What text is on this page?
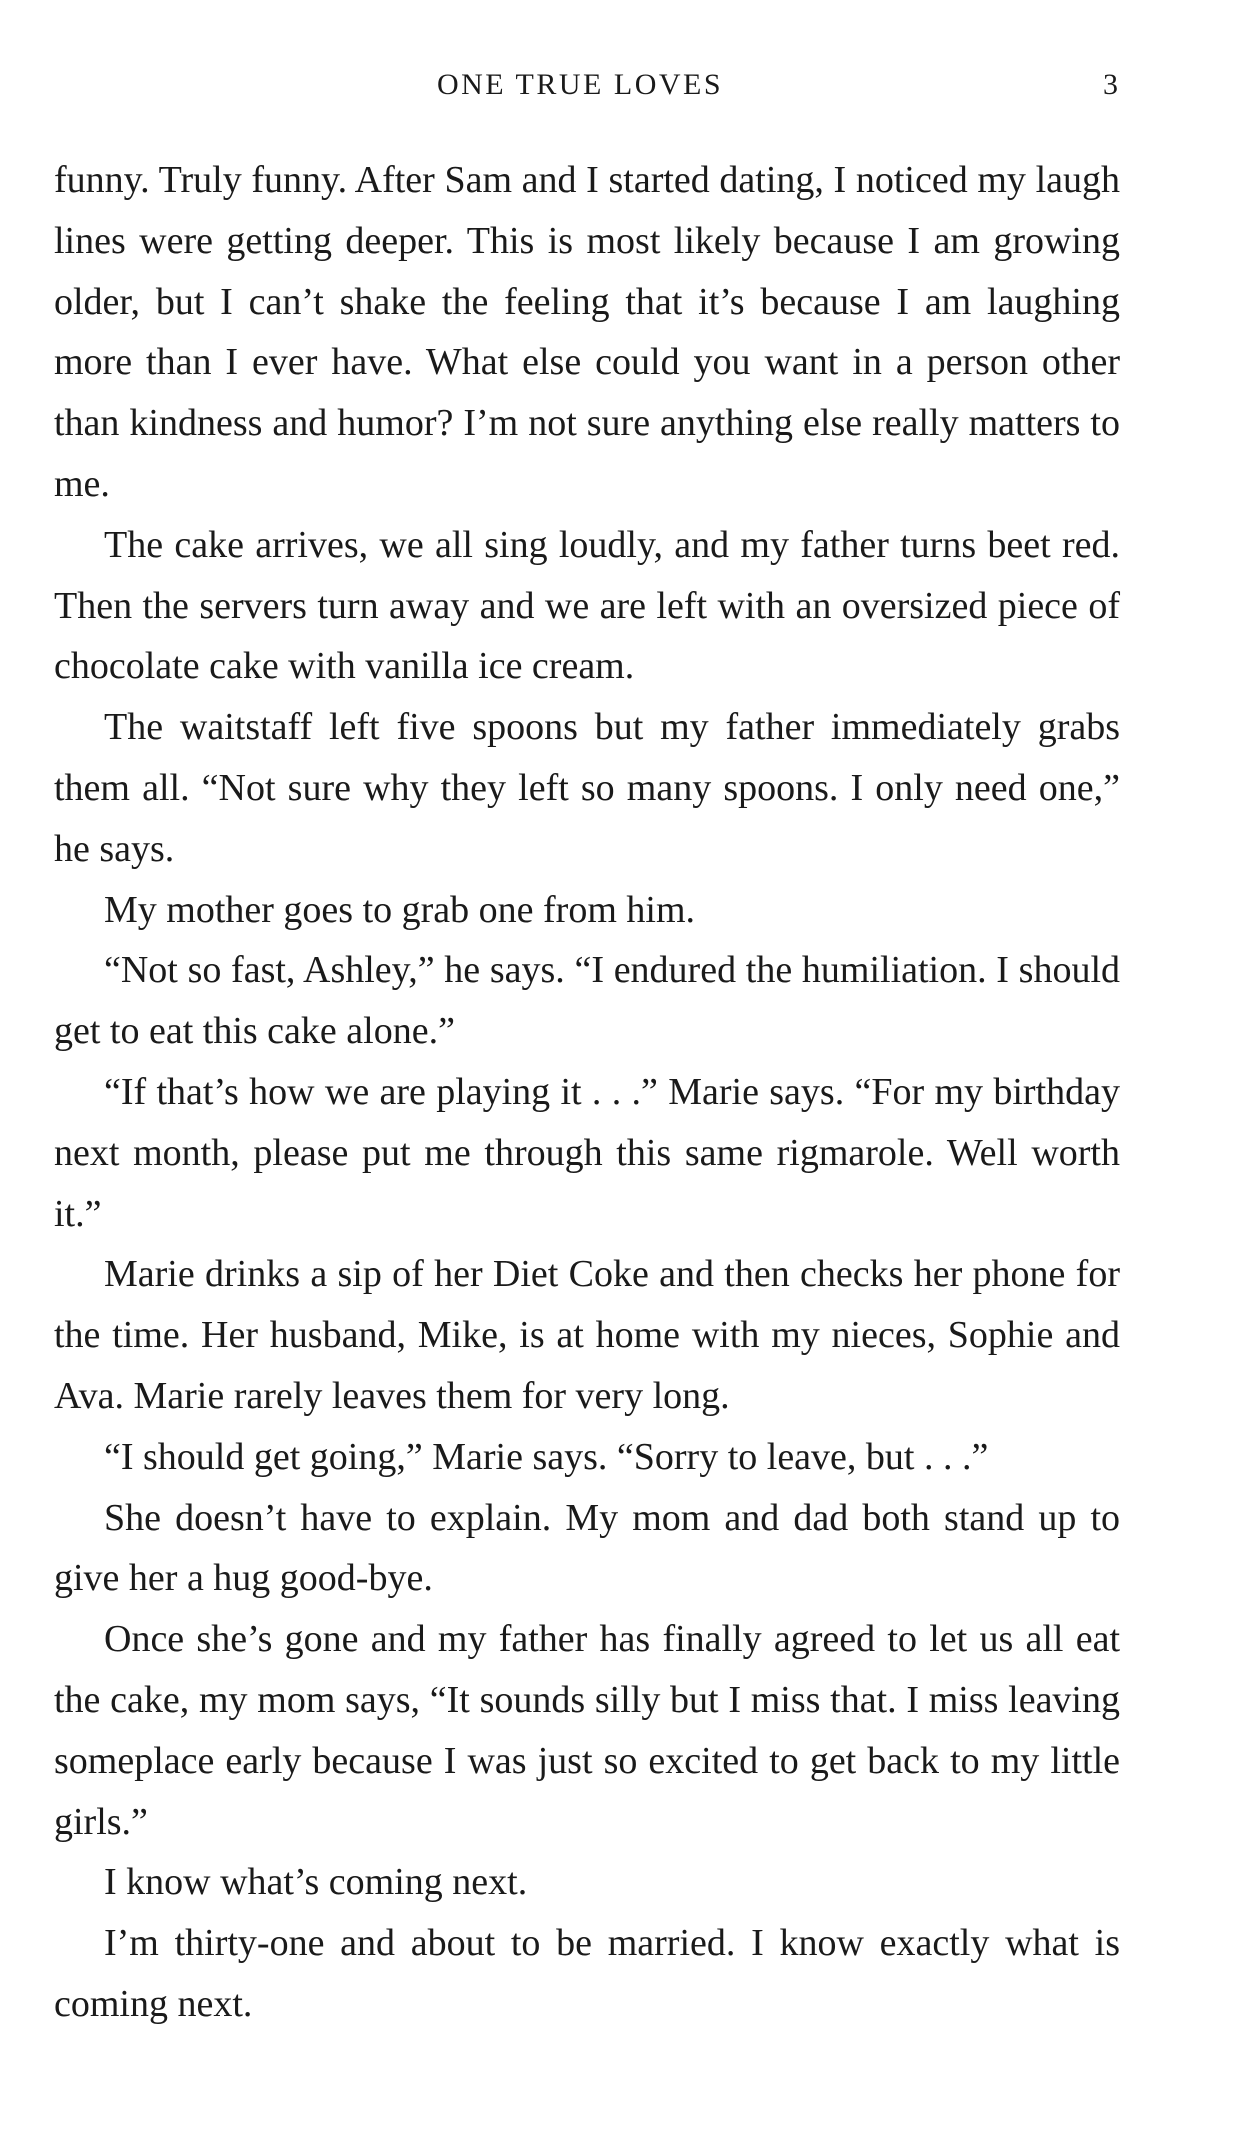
ONE TRUE LOVES	3

funny. Truly funny. After Sam and I started dating, I noticed my laugh lines were getting deeper. This is most likely because I am growing older, but I can’t shake the feeling that it’s because I am laughing more than I ever have. What else could you want in a person other than kindness and humor? I’m not sure anything else really matters to me.

The cake arrives, we all sing loudly, and my father turns beet red. Then the servers turn away and we are left with an oversized piece of chocolate cake with vanilla ice cream.

The waitstaff left five spoons but my father immediately grabs them all. “Not sure why they left so many spoons. I only need one,” he says.

My mother goes to grab one from him.

“Not so fast, Ashley,” he says. “I endured the humiliation. I should get to eat this cake alone.”

“If that’s how we are playing it . . .” Marie says. “For my birthday next month, please put me through this same rigmarole. Well worth it.”

Marie drinks a sip of her Diet Coke and then checks her phone for the time. Her husband, Mike, is at home with my nieces, Sophie and Ava. Marie rarely leaves them for very long.

“I should get going,” Marie says. “Sorry to leave, but . . .”

She doesn’t have to explain. My mom and dad both stand up to give her a hug good-bye.

Once she’s gone and my father has finally agreed to let us all eat the cake, my mom says, “It sounds silly but I miss that. I miss leaving someplace early because I was just so excited to get back to my little girls.”

I know what’s coming next.

I’m thirty-one and about to be married. I know exactly what is coming next.
